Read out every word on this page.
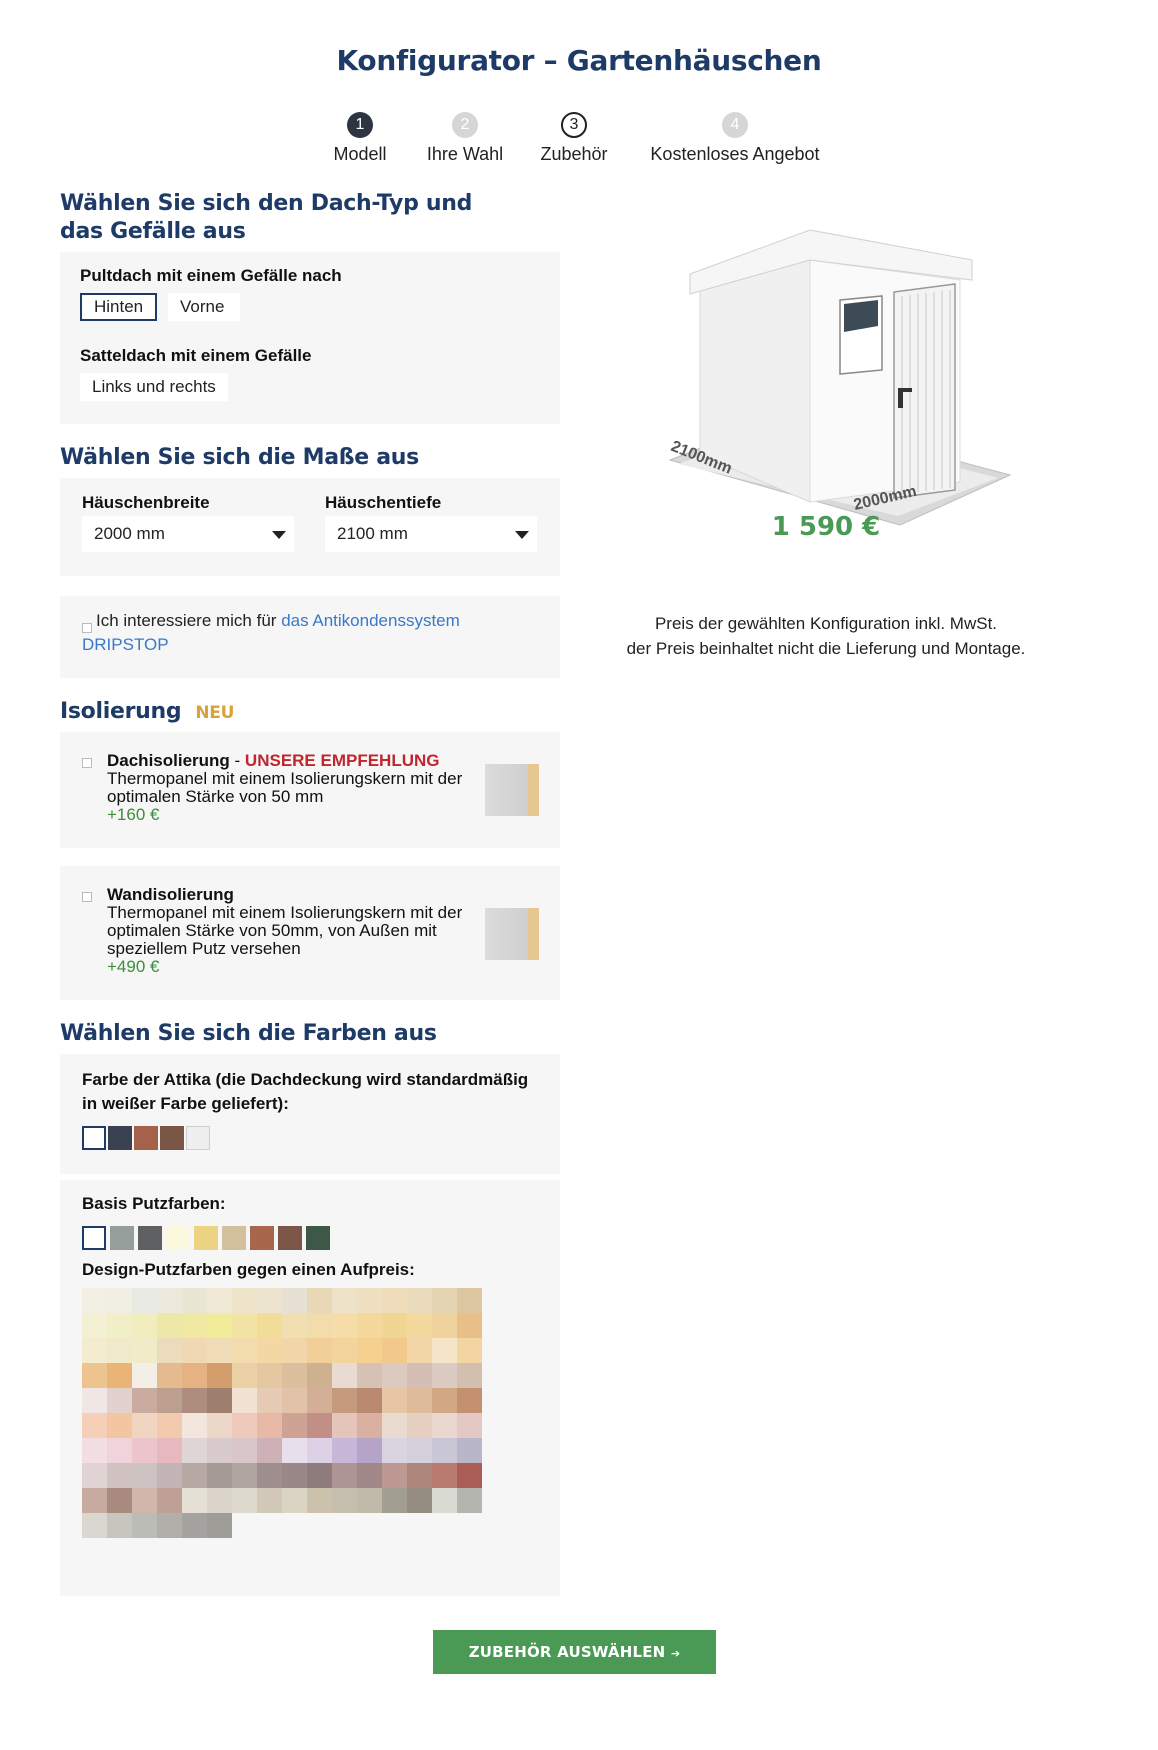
Konfigurator – Gartenhäuschen
1
Modell
2
Ihre Wahl
3
Zubehör
4
Kostenloses Angebot
Wählen Sie sich den Dach-Typ und das Gefälle aus
Pultdach mit einem Gefälle nach
Hinten	Vorne
Satteldach mit einem Gefälle
Links und rechts
Wählen Sie sich die Maße aus
Häuschenbreite
2000 mm
Häuschentiefe
2100 mm
Ich interessiere mich für das Antikondenssystem DRIPSTOP
Isolierung NEU
Dachisolierung - UNSERE EMPFEHLUNG
Thermopanel mit einem Isolierungskern mit der optimalen Stärke von 50 mm
+160 €
Wandisolierung
Thermopanel mit einem Isolierungskern mit der optimalen Stärke von 50mm, von Außen mit speziellem Putz versehen
+490 €
Wählen Sie sich die Farben aus
Farbe der Attika (die Dachdeckung wird standardmäßig in weißer Farbe geliefert):
Basis Putzfarben:
Design-Putzfarben gegen einen Aufpreis:
2100mm
2000mm
1 590 €
Preis der gewählten Konfiguration inkl. MwSt.
der Preis beinhaltet nicht die Lieferung und Montage.
ZUBEHÖR AUSWÄHLEN ➔
